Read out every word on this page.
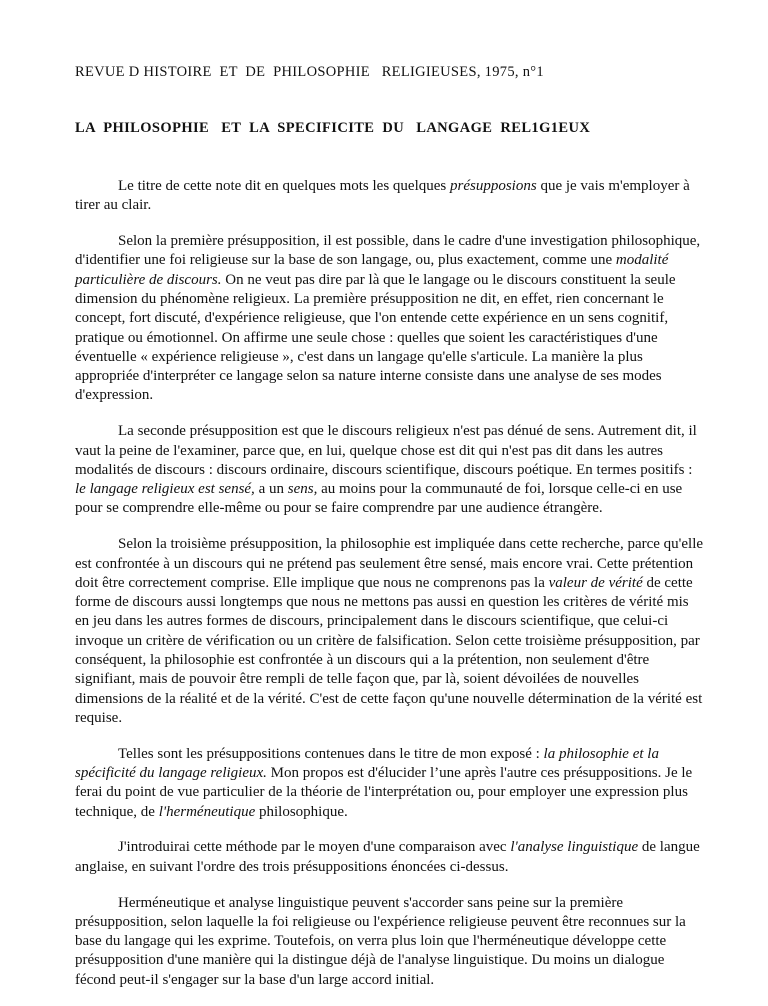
REVUE D HISTOIRE  ET  DE  PHILOSOPHIE   RELIGIEUSES, 1975, n°1
LA  PHILOSOPHIE   ET  LA  SPECIFICITE  DU   LANGAGE  REL1G1EUX

Le titre de cette note dit en quelques mots les quelques présupposions que je vais m'employer à tirer au clair.

Selon la première présupposition, il est possible, dans le cadre d'une investigation philosophique, d'identifier une foi religieuse sur la base de son langage, ou, plus exactement, comme une modalité particulière de discours. On ne veut pas dire par là que le langage ou le discours constituent la seule dimension du phénomène religieux. La première présupposition ne dit, en effet, rien concernant le concept, fort discuté, d'expérience religieuse, que l'on entende cette expérience en un sens cognitif, pratique ou émotionnel. On affirme une seule chose : quelles que soient les caractéristiques d'une éventuelle « expérience religieuse », c'est dans un langage qu'elle s'articule. La manière la plus appropriée d'interpréter ce langage selon sa nature interne consiste dans une analyse de ses modes d'expression.

La seconde présupposition est que le discours religieux n'est pas dénué de sens. Autrement dit, il vaut la peine de l'examiner, parce que, en lui, quelque chose est dit qui n'est pas dit dans les autres modalités de discours : discours ordinaire, discours scientifique, discours poétique. En termes positifs : le langage religieux est sensé, a un sens, au moins pour la communauté de foi, lorsque celle-ci en use pour se comprendre elle-même ou pour se faire comprendre par une audience étrangère.

Selon la troisième présupposition, la philosophie est impliquée dans cette recherche, parce qu'elle est confrontée à un discours qui ne prétend pas seulement être sensé, mais encore vrai. Cette prétention doit être correctement comprise. Elle implique que nous ne comprenons pas la valeur de vérité de cette forme de discours aussi longtemps que nous ne mettons pas aussi en question les critères de vérité mis en jeu dans les autres formes de discours, principalement dans le discours scientifique, que celui-ci invoque un critère de vérification ou un critère de falsification. Selon cette troisième présupposition, par conséquent, la philosophie est confrontée à un discours qui a la prétention, non seulement d'être signifiant, mais de pouvoir être rempli de telle façon que, par là, soient dévoilées de nouvelles dimensions de la réalité et de la vérité. C'est de cette façon qu'une nouvelle détermination de la vérité est requise.

Telles sont les présuppositions contenues dans le titre de mon exposé : la philosophie et la spécificité du langage religieux. Mon propos est d'élucider l’une après l'autre ces présuppositions. Je le ferai du point de vue particulier de la théorie de l'interprétation ou, pour employer une expression plus technique, de l'herméneutique philosophique.

J'introduirai cette méthode par le moyen d'une comparaison avec l'analyse linguistique de langue anglaise, en suivant l'ordre des trois présuppositions énoncées ci-dessus.

Herméneutique et analyse linguistique peuvent s'accorder sans peine sur la première présupposition, selon laquelle la foi religieuse ou l'expérience religieuse peuvent être reconnues sur la base du langage qui les exprime. Toutefois, on verra plus loin que l'herméneutique développe cette présupposition d'une manière qui la distingue déjà de l'analyse linguistique. Du moins un dialogue fécond peut-il s'engager sur la base d'un large accord initial.
